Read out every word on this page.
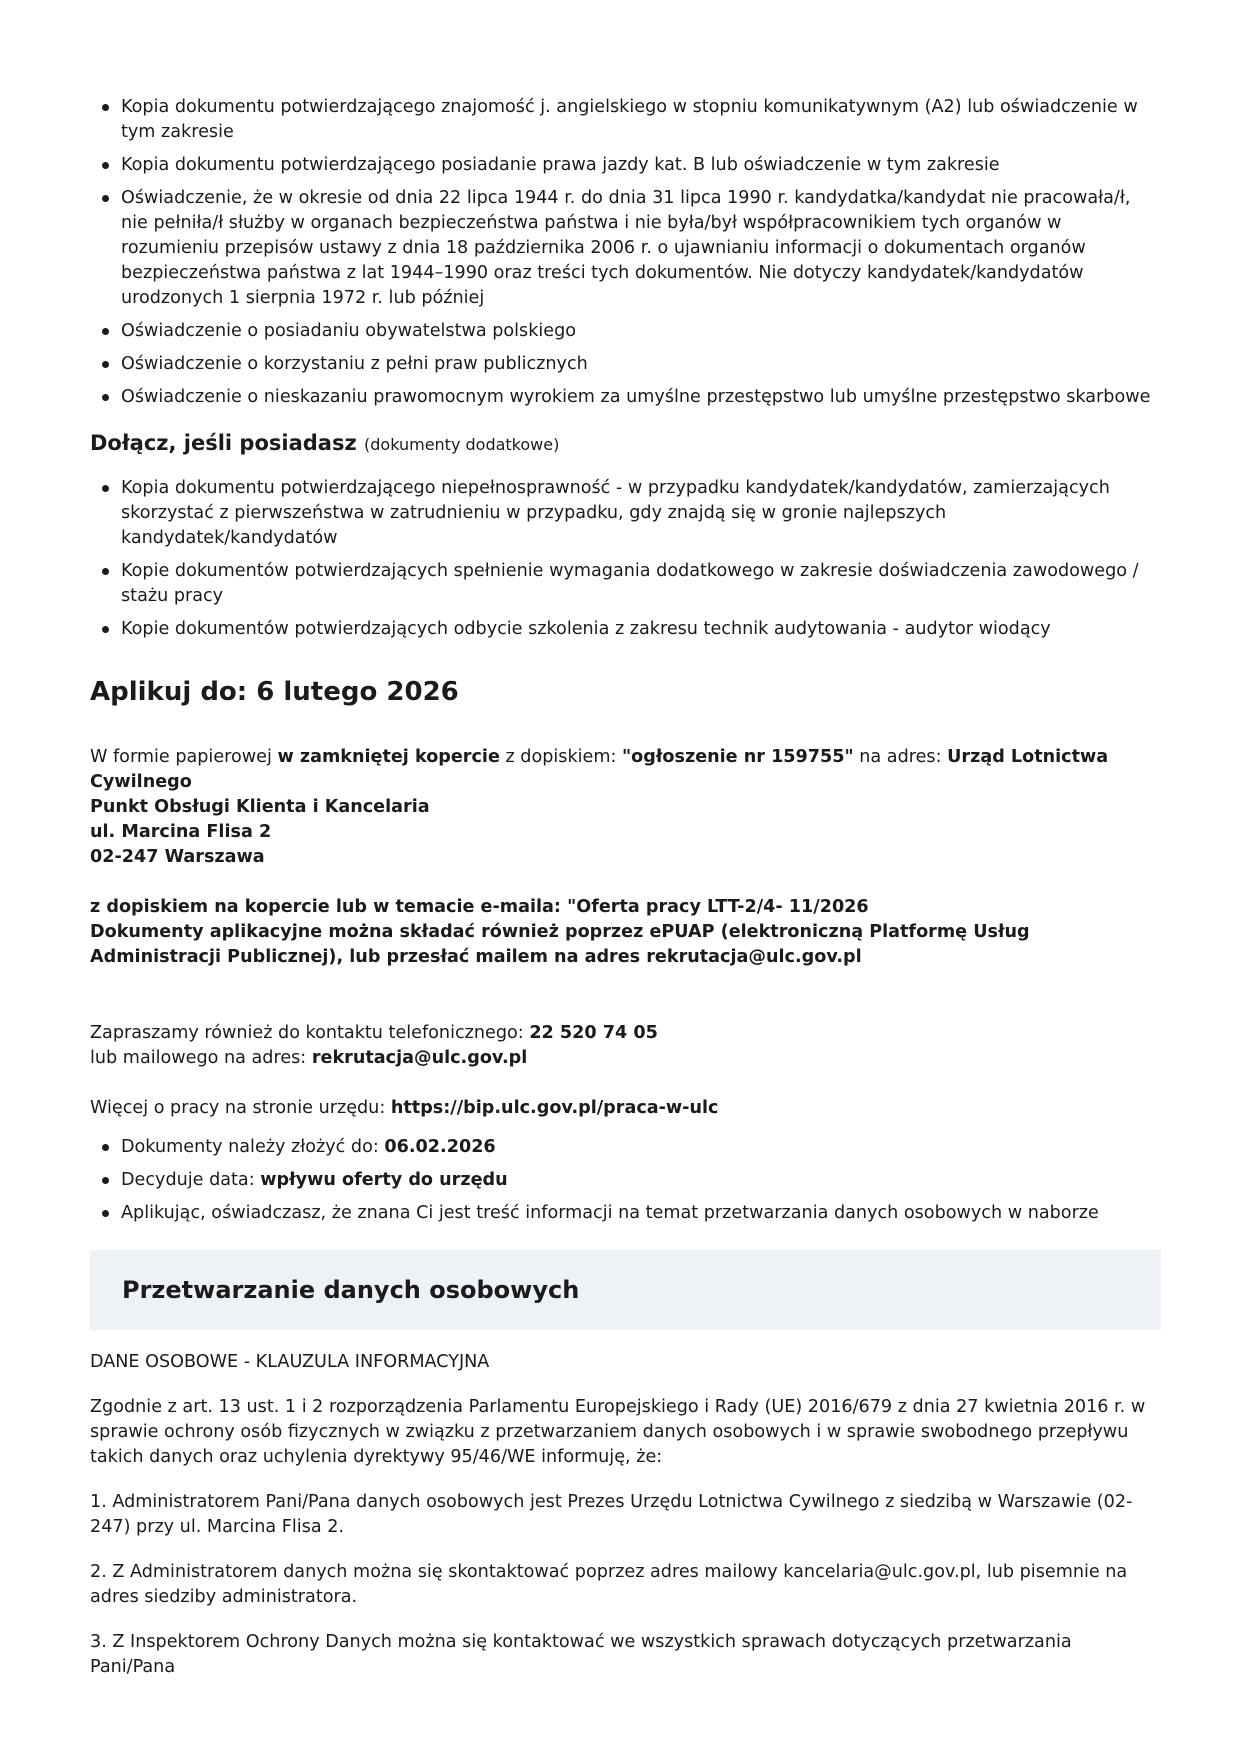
Kopia dokumentu potwierdzającego znajomość j. angielskiego w stopniu komunikatywnym (A2) lub oświadczenie w tym zakresie
Kopia dokumentu potwierdzającego posiadanie prawa jazdy kat. B lub oświadczenie w tym zakresie
Oświadczenie, że w okresie od dnia 22 lipca 1944 r. do dnia 31 lipca 1990 r. kandydatka/kandydat nie pracowała/ł, nie pełniła/ł służby w organach bezpieczeństwa państwa i nie była/był współpracownikiem tych organów w rozumieniu przepisów ustawy z dnia 18 października 2006 r. o ujawnianiu informacji o dokumentach organów bezpieczeństwa państwa z lat 1944–1990 oraz treści tych dokumentów. Nie dotyczy kandydatek/kandydatów urodzonych 1 sierpnia 1972 r. lub później
Oświadczenie o posiadaniu obywatelstwa polskiego
Oświadczenie o korzystaniu z pełni praw publicznych
Oświadczenie o nieskazaniu prawomocnym wyrokiem za umyślne przestępstwo lub umyślne przestępstwo skarbowe
Dołącz, jeśli posiadasz (dokumenty dodatkowe)
Kopia dokumentu potwierdzającego niepełnosprawność - w przypadku kandydatek/kandydatów, zamierzających skorzystać z pierwszeństwa w zatrudnieniu w przypadku, gdy znajdą się w gronie najlepszych kandydatek/kandydatów
Kopie dokumentów potwierdzających spełnienie wymagania dodatkowego w zakresie doświadczenia zawodowego / stażu pracy
Kopie dokumentów potwierdzających odbycie szkolenia z zakresu technik audytowania - audytor wiodący
Aplikuj do: 6 lutego 2026

W formie papierowej w zamkniętej kopercie z dopiskiem: "ogłoszenie nr 159755" na adres: Urząd Lotnictwa Cywilnego
Punkt Obsługi Klienta i Kancelaria
ul. Marcina Flisa 2
02-247 Warszawa

z dopiskiem na kopercie lub w temacie e-maila: "Oferta pracy LTT-2/4- 11/2026
Dokumenty aplikacyjne można składać również poprzez ePUAP (elektroniczną Platformę Usług Administracji Publicznej), lub przesłać mailem na adres rekrutacja@ulc.gov.pl

Zapraszamy również do kontaktu telefonicznego: 22 520 74 05
lub mailowego na adres: rekrutacja@ulc.gov.pl

Więcej o pracy na stronie urzędu: https://bip.ulc.gov.pl/praca-w-ulc

Dokumenty należy złożyć do: 06.02.2026
Decyduje data: wpływu oferty do urzędu
Aplikując, oświadczasz, że znana Ci jest treść informacji na temat przetwarzania danych osobowych w naborze
Przetwarzanie danych osobowych

DANE OSOBOWE - KLAUZULA INFORMACYJNA

Zgodnie z art. 13 ust. 1 i 2 rozporządzenia Parlamentu Europejskiego i Rady (UE) 2016/679 z dnia 27 kwietnia 2016 r. w sprawie ochrony osób fizycznych w związku z przetwarzaniem danych osobowych i w sprawie swobodnego przepływu takich danych oraz uchylenia dyrektywy 95/46/WE informuję, że:

1. Administratorem Pani/Pana danych osobowych jest Prezes Urzędu Lotnictwa Cywilnego z siedzibą w Warszawie (02-247) przy ul. Marcina Flisa 2.

2. Z Administratorem danych można się skontaktować poprzez adres mailowy kancelaria@ulc.gov.pl, lub pisemnie na adres siedziby administratora.

3. Z Inspektorem Ochrony Danych można się kontaktować we wszystkich sprawach dotyczących przetwarzania Pani/Pana
